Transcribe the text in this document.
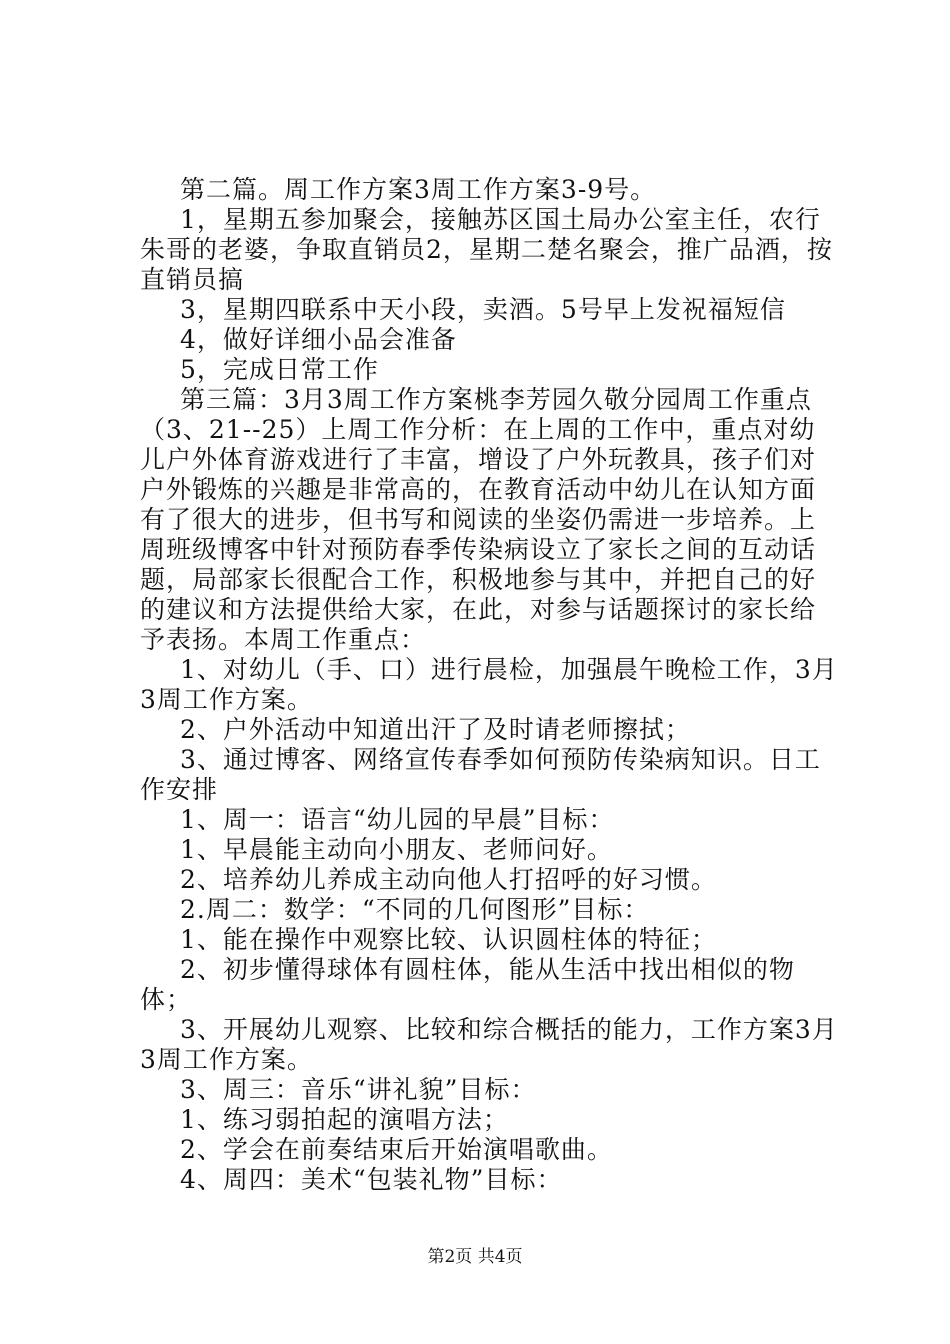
第二篇。周工作方案3周工作方案3-9号。

1，星期五参加聚会，接触苏区国土局办公室主任，农行朱哥的老婆，争取直销员2，星期二楚名聚会，推广品酒，按直销员搞

3，星期四联系中天小段，卖酒。5号早上发祝福短信

4，做好详细小品会准备

5，完成日常工作

第三篇：3月3周工作方案桃李芳园久敬分园周工作重点（3、21--25）上周工作分析：在上周的工作中，重点对幼儿户外体育游戏进行了丰富，增设了户外玩教具，孩子们对户外锻炼的兴趣是非常高的，在教育活动中幼儿在认知方面有了很大的进步，但书写和阅读的坐姿仍需进一步培养。上周班级博客中针对预防春季传染病设立了家长之间的互动话题，局部家长很配合工作，积极地参与其中，并把自己的好的建议和方法提供给大家，在此，对参与话题探讨的家长给予表扬。本周工作重点：

1、对幼儿（手、口）进行晨检，加强晨午晚检工作，3月3周工作方案。

2、户外活动中知道出汗了及时请老师擦拭；

3、通过博客、网络宣传春季如何预防传染病知识。日工作安排

1、周一：语言“幼儿园的早晨”目标：

1、早晨能主动向小朋友、老师问好。

2、培养幼儿养成主动向他人打招呼的好习惯。

2.周二：数学：“不同的几何图形”目标：

1、能在操作中观察比较、认识圆柱体的特征；

2、初步懂得球体有圆柱体，能从生活中找出相似的物体；

3、开展幼儿观察、比较和综合概括的能力，工作方案3月3周工作方案。

3、周三：音乐“讲礼貌”目标：

1、练习弱拍起的演唱方法；

2、学会在前奏结束后开始演唱歌曲。

4、周四：美术“包装礼物”目标：

第2页 共4页
